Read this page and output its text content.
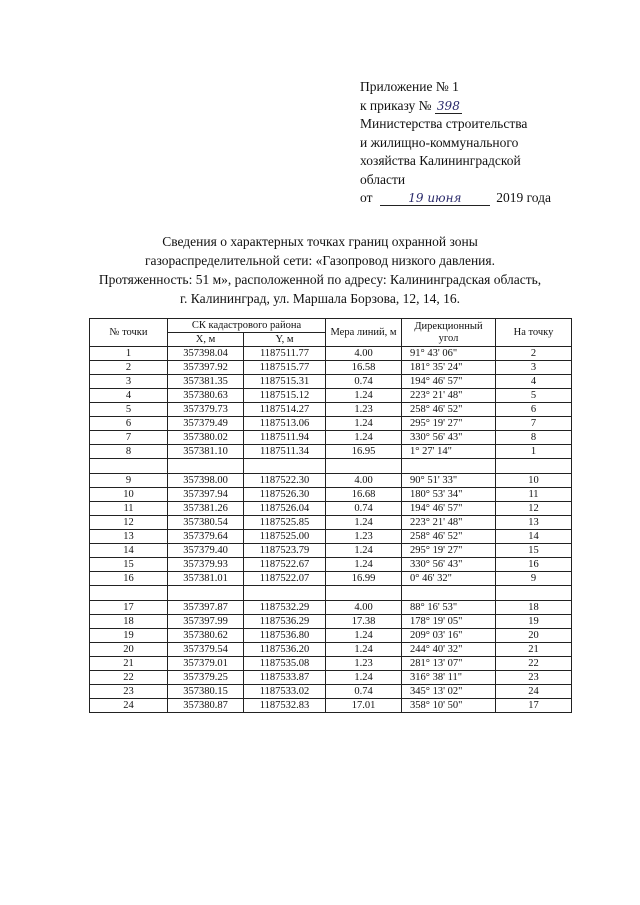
Приложение № 1
к приказу № 398
Министерства строительства
и жилищно-коммунального
хозяйства Калининградской
области
от	19 июня	2019 года
Сведения о характерных точках границ охранной зоны
газораспределительной сети: «Газопровод низкого давления.
Протяженность: 51 м», расположенной по адресу: Калининградская область,
г. Калининград, ул. Маршала Борзова, 12, 14, 16.
№ точки	СК кадастрового района		Мера линий, м	Дирекционный угол	На точку
	X, м	Y, м			
1	357398.04	1187511.77	4.00	91° 43' 06"	2
2	357397.92	1187515.77	16.58	181° 35' 24"	3
3	357381.35	1187515.31	0.74	194° 46' 57"	4
4	357380.63	1187515.12	1.24	223° 21' 48"	5
5	357379.73	1187514.27	1.23	258° 46' 52"	6
6	357379.49	1187513.06	1.24	295° 19' 27"	7
7	357380.02	1187511.94	1.24	330° 56' 43"	8
8	357381.10	1187511.34	16.95	1° 27' 14"	1

9	357398.00	1187522.30	4.00	90° 51' 33"	10
10	357397.94	1187526.30	16.68	180° 53' 34"	11
11	357381.26	1187526.04	0.74	194° 46' 57"	12
12	357380.54	1187525.85	1.24	223° 21' 48"	13
13	357379.64	1187525.00	1.23	258° 46' 52"	14
14	357379.40	1187523.79	1.24	295° 19' 27"	15
15	357379.93	1187522.67	1.24	330° 56' 43"	16
16	357381.01	1187522.07	16.99	0° 46' 32"	9

17	357397.87	1187532.29	4.00	88° 16' 53"	18
18	357397.99	1187536.29	17.38	178° 19' 05"	19
19	357380.62	1187536.80	1.24	209° 03' 16"	20
20	357379.54	1187536.20	1.24	244° 40' 32"	21
21	357379.01	1187535.08	1.23	281° 13' 07"	22
22	357379.25	1187533.87	1.24	316° 38' 11"	23
23	357380.15	1187533.02	0.74	345° 13' 02"	24
24	357380.87	1187532.83	17.01	358° 10' 50"	17
